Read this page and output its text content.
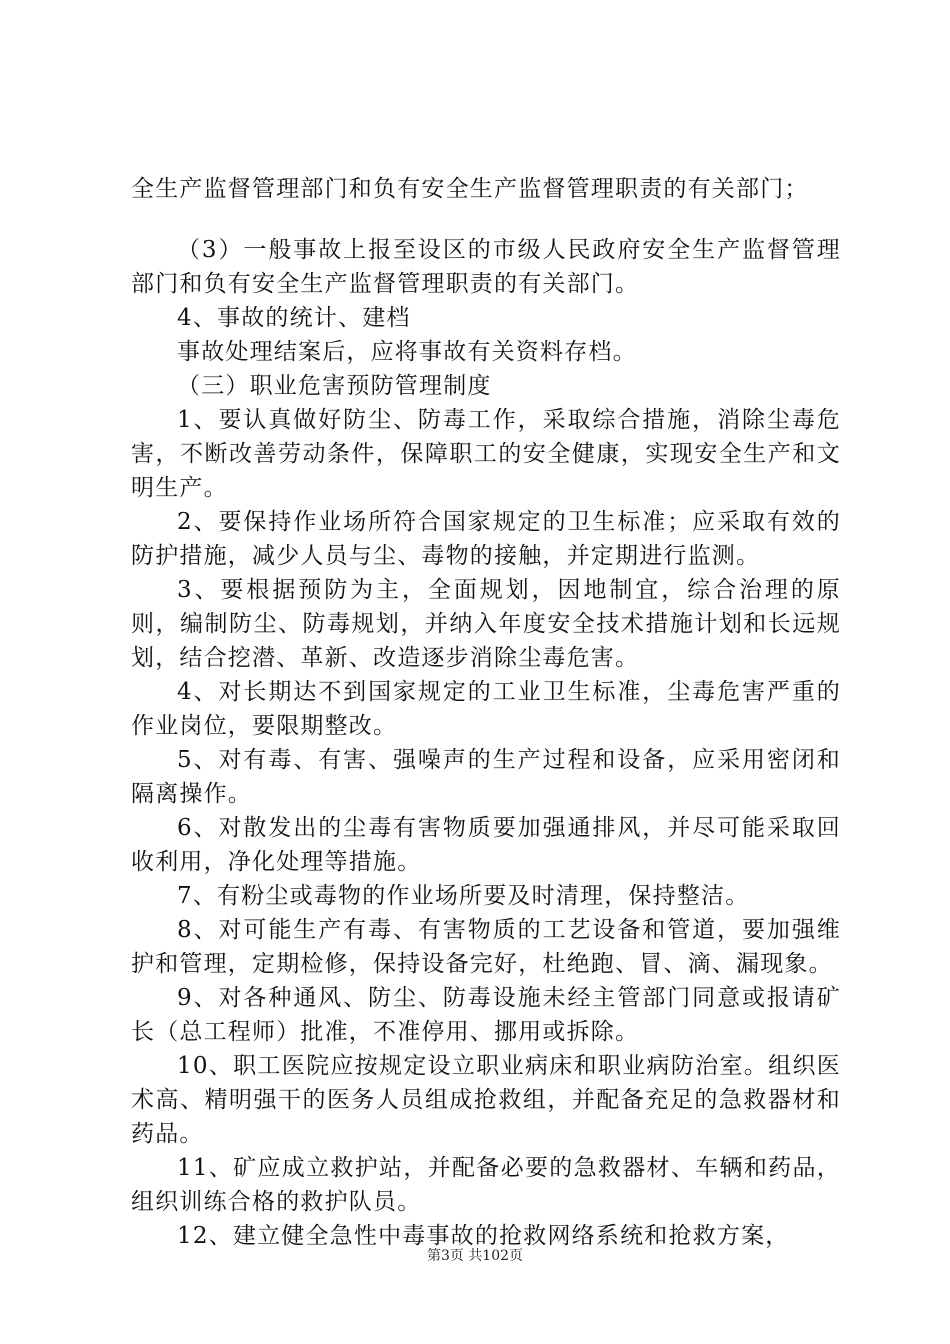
全生产监督管理部门和负有安全生产监督管理职责的有关部门；

（3）一般事故上报至设区的市级人民政府安全生产监督管理部门和负有安全生产监督管理职责的有关部门。

4、事故的统计、建档

事故处理结案后，应将事故有关资料存档。

（三）职业危害预防管理制度

1、要认真做好防尘、防毒工作，采取综合措施，消除尘毒危害，不断改善劳动条件，保障职工的安全健康，实现安全生产和文明生产。

2、要保持作业场所符合国家规定的卫生标准；应采取有效的防护措施，减少人员与尘、毒物的接触，并定期进行监测。

3、要根据预防为主，全面规划，因地制宜，综合治理的原则，编制防尘、防毒规划，并纳入年度安全技术措施计划和长远规划，结合挖潜、革新、改造逐步消除尘毒危害。

4、对长期达不到国家规定的工业卫生标准，尘毒危害严重的作业岗位，要限期整改。

5、对有毒、有害、强噪声的生产过程和设备，应采用密闭和隔离操作。

6、对散发出的尘毒有害物质要加强通排风，并尽可能采取回收利用，净化处理等措施。

7、有粉尘或毒物的作业场所要及时清理，保持整洁。

8、对可能生产有毒、有害物质的工艺设备和管道，要加强维护和管理，定期检修，保持设备完好，杜绝跑、冒、滴、漏现象。

9、对各种通风、防尘、防毒设施未经主管部门同意或报请矿长（总工程师）批准，不准停用、挪用或拆除。

10、职工医院应按规定设立职业病床和职业病防治室。组织医术高、精明强干的医务人员组成抢救组，并配备充足的急救器材和药品。

11、矿应成立救护站，并配备必要的急救器材、车辆和药品，组织训练合格的救护队员。

12、建立健全急性中毒事故的抢救网络系统和抢救方案，

第3页 共102页
